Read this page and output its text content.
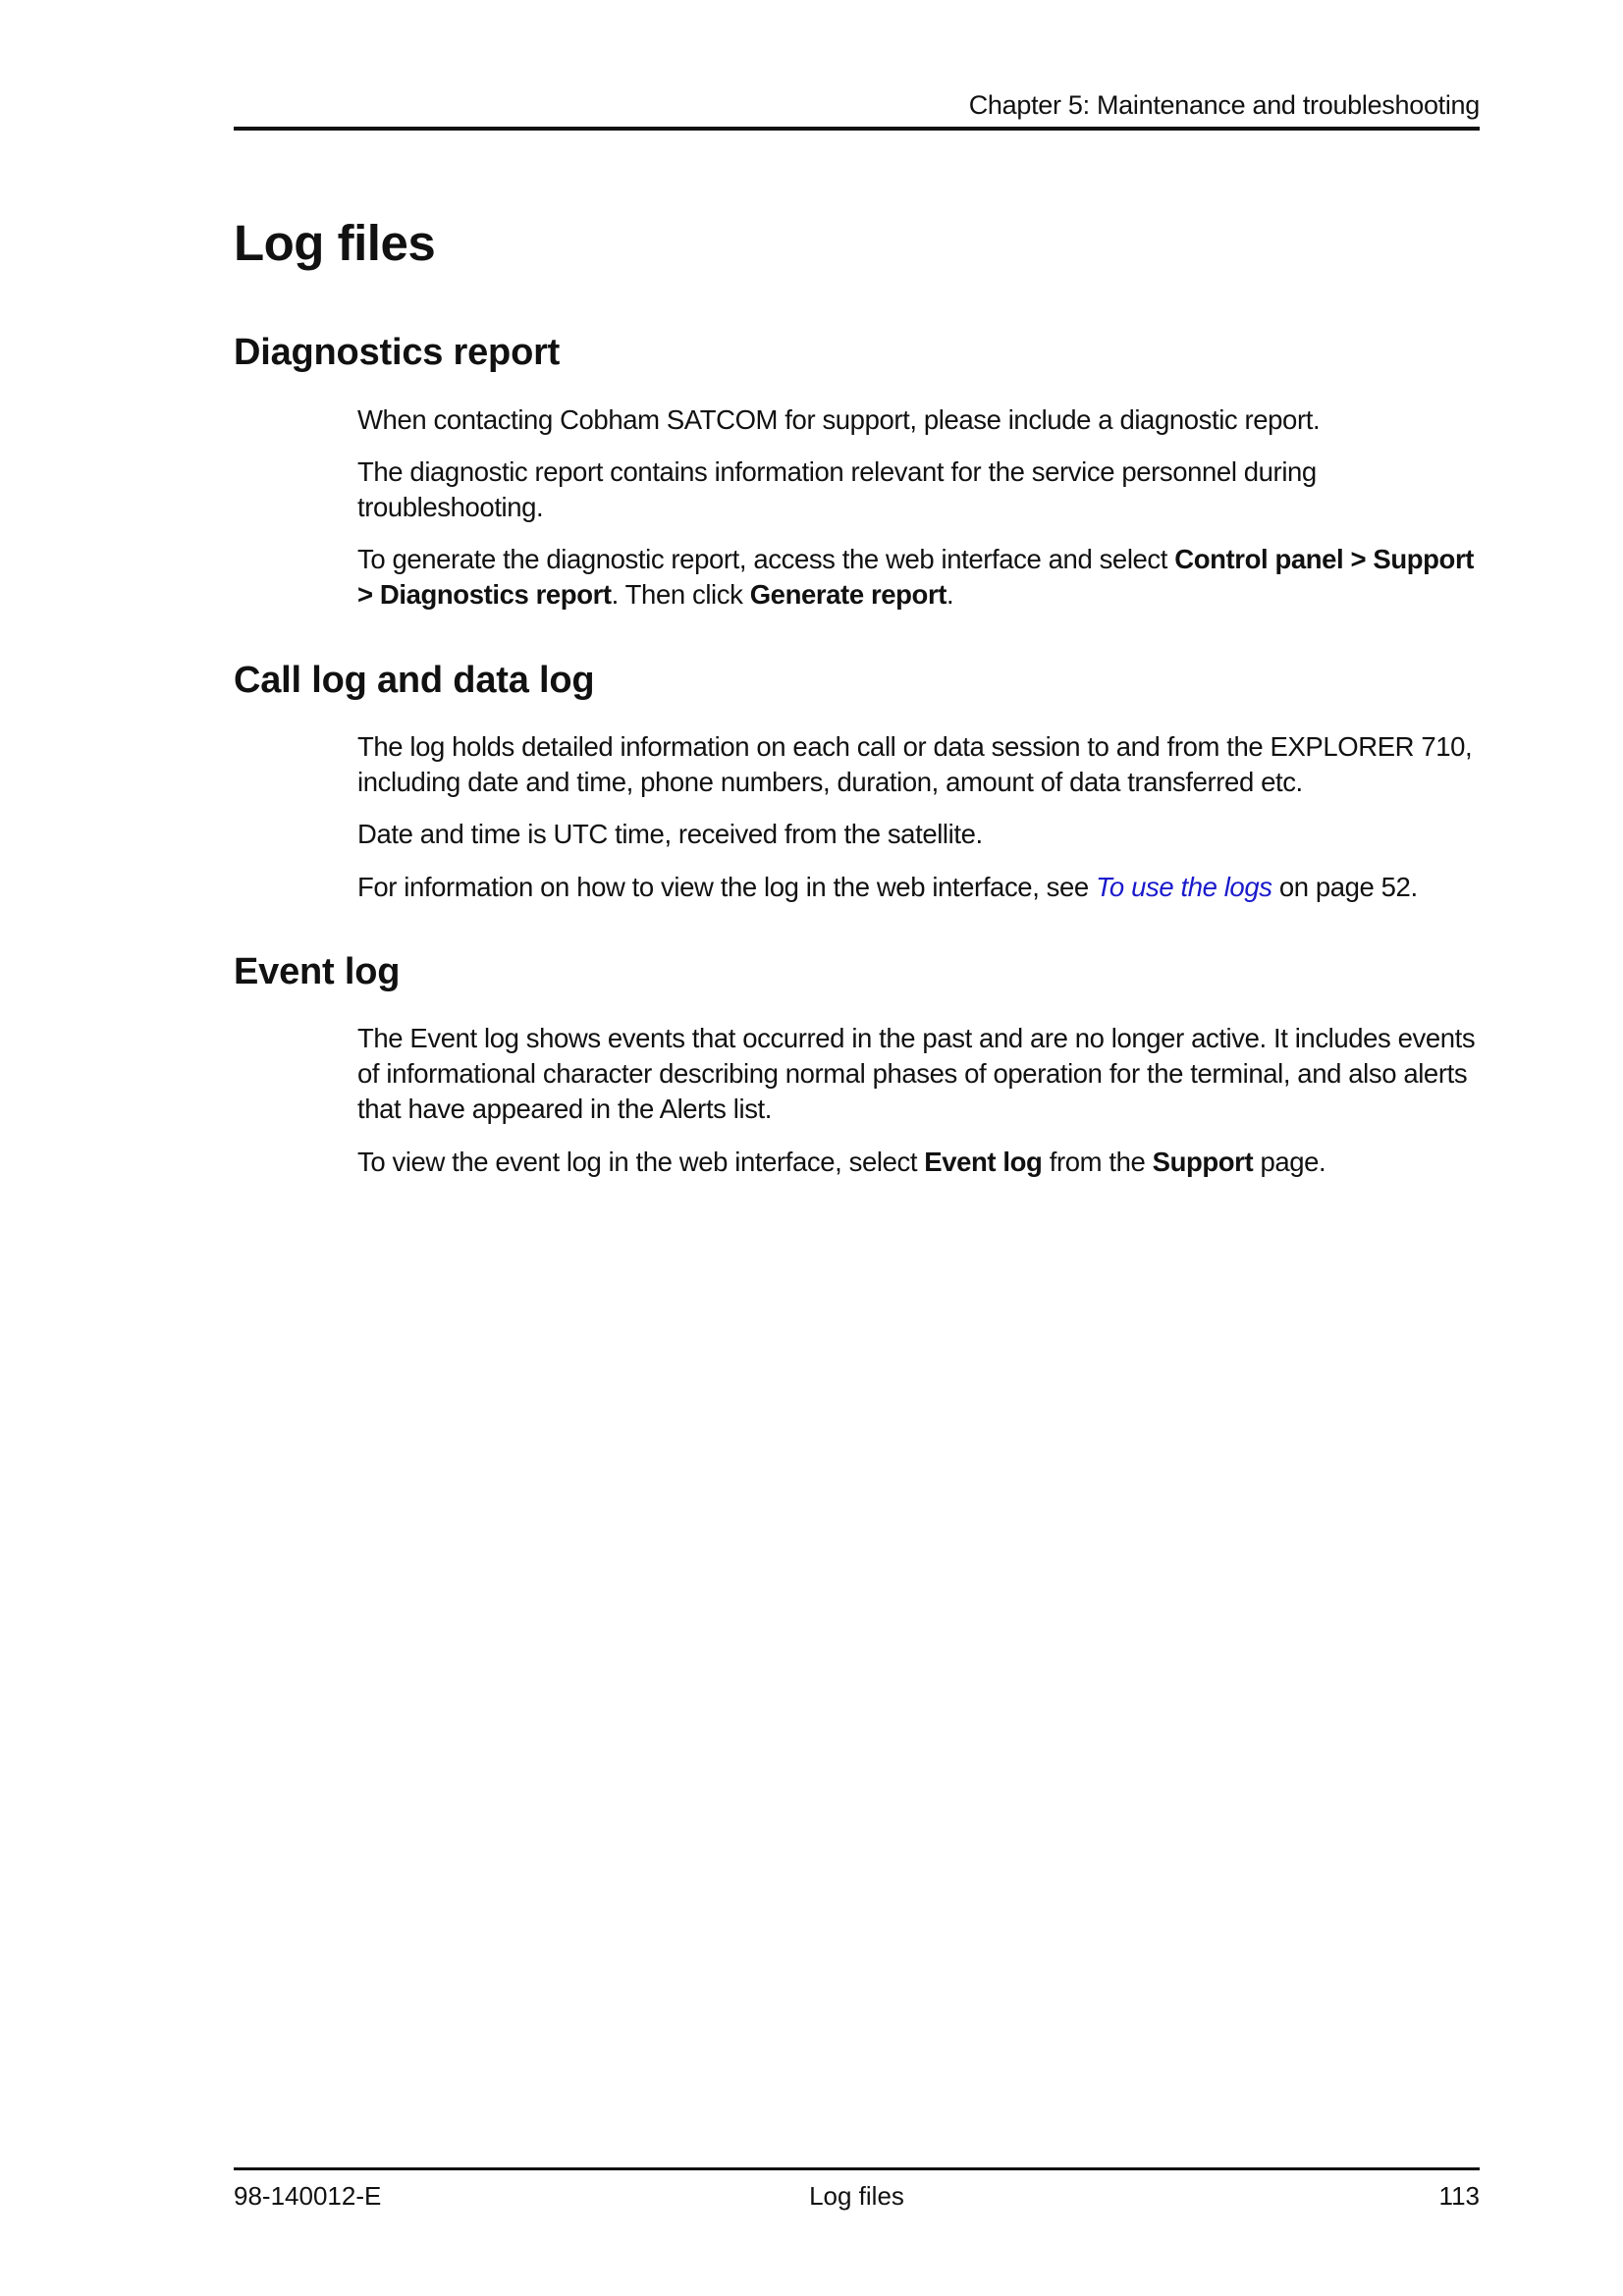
Chapter 5: Maintenance and troubleshooting
Log files
Diagnostics report

When contacting Cobham SATCOM for support, please include a diagnostic report.

The diagnostic report contains information relevant for the service personnel during troubleshooting.

To generate the diagnostic report, access the web interface and select Control panel > Support > Diagnostics report. Then click Generate report.

Call log and data log

The log holds detailed information on each call or data session to and from the EXPLORER 710, including date and time, phone numbers, duration, amount of data transferred etc.

Date and time is UTC time, received from the satellite.

For information on how to view the log in the web interface, see To use the logs on page 52.

Event log

The Event log shows events that occurred in the past and are no longer active. It includes events of informational character describing normal phases of operation for the terminal, and also alerts that have appeared in the Alerts list.

To view the event log in the web interface, select Event log from the Support page.

98-140012-E	Log files	113
